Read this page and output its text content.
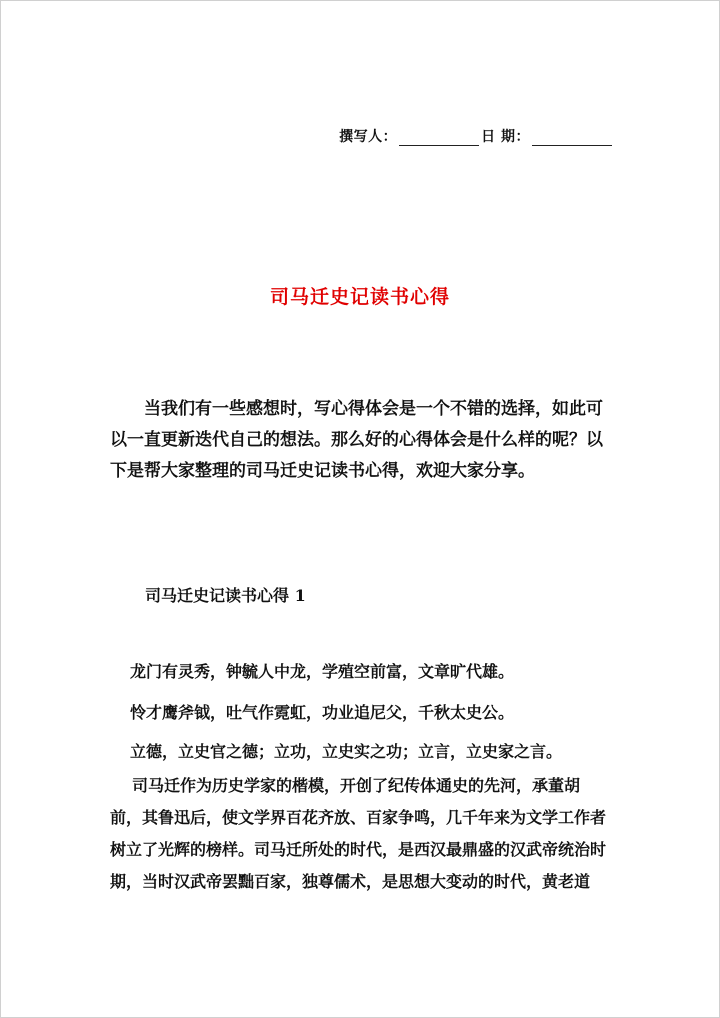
撰写人：	日 期：
司马迁史记读书心得

当我们有一些感想时，写心得体会是一个不错的选择，如此可以一直更新迭代自己的想法。那么好的心得体会是什么样的呢？以下是帮大家整理的司马迁史记读书心得，欢迎大家分享。

司马迁史记读书心得 1

龙门有灵秀，钟毓人中龙，学殖空前富，文章旷代雄。

怜才鹰斧钺，吐气作霓虹，功业追尼父，千秋太史公。

立德，立史官之德；立功，立史实之功；立言，立史家之言。

司马迁作为历史学家的楷模，开创了纪传体通史的先河，承董胡前，其鲁迅后，使文学界百花齐放、百家争鸣，几千年来为文学工作者树立了光辉的榜样。司马迁所处的时代，是西汉最鼎盛的汉武帝统治时期，当时汉武帝罢黜百家，独尊儒术，是思想大变动的时代，黄老道
